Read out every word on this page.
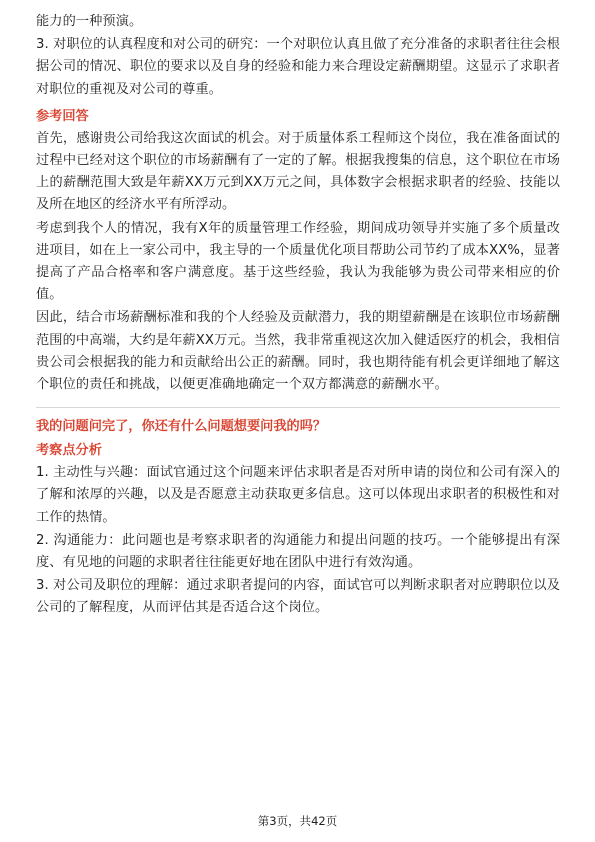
能力的一种预演。

3. 对职位的认真程度和对公司的研究：一个对职位认真且做了充分准备的求职者往往会根据公司的情况、职位的要求以及自身的经验和能力来合理设定薪酬期望。这显示了求职者对职位的重视及对公司的尊重。

参考回答

首先，感谢贵公司给我这次面试的机会。对于质量体系工程师这个岗位，我在准备面试的过程中已经对这个职位的市场薪酬有了一定的了解。根据我搜集的信息，这个职位在市场上的薪酬范围大致是年薪XX万元到XX万元之间，具体数字会根据求职者的经验、技能以及所在地区的经济水平有所浮动。

考虑到我个人的情况，我有X年的质量管理工作经验，期间成功领导并实施了多个质量改进项目，如在上一家公司中，我主导的一个质量优化项目帮助公司节约了成本XX%，显著提高了产品合格率和客户满意度。基于这些经验，我认为我能够为贵公司带来相应的价值。

因此，结合市场薪酬标准和我的个人经验及贡献潜力，我的期望薪酬是在该职位市场薪酬范围的中高端，大约是年薪XX万元。当然，我非常重视这次加入健适医疗的机会，我相信贵公司会根据我的能力和贡献给出公正的薪酬。同时，我也期待能有机会更详细地了解这个职位的责任和挑战，以便更准确地确定一个双方都满意的薪酬水平。

我的问题问完了，你还有什么问题想要问我的吗？
考察点分析

1. 主动性与兴趣：面试官通过这个问题来评估求职者是否对所申请的岗位和公司有深入的了解和浓厚的兴趣，以及是否愿意主动获取更多信息。这可以体现出求职者的积极性和对工作的热情。

2. 沟通能力：此问题也是考察求职者的沟通能力和提出问题的技巧。一个能够提出有深度、有见地的问题的求职者往往能更好地在团队中进行有效沟通。

3. 对公司及职位的理解：通过求职者提问的内容，面试官可以判断求职者对应聘职位以及公司的了解程度，从而评估其是否适合这个岗位。

第3页，共42页
